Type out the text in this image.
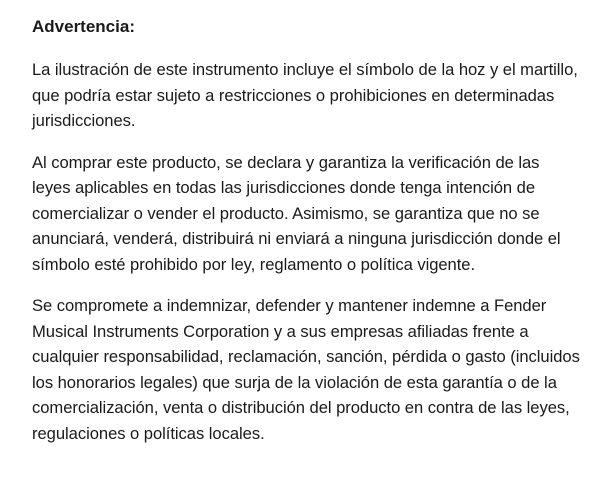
Advertencia:

La ilustración de este instrumento incluye el símbolo de la hoz y el martillo, que podría estar sujeto a restricciones o prohibiciones en determinadas jurisdicciones.

Al comprar este producto, se declara y garantiza la verificación de las leyes aplicables en todas las jurisdicciones donde tenga intención de comercializar o vender el producto. Asimismo, se garantiza que no se anunciará, venderá, distribuirá ni enviará a ninguna jurisdicción donde el símbolo esté prohibido por ley, reglamento o política vigente.

Se compromete a indemnizar, defender y mantener indemne a Fender Musical Instruments Corporation y a sus empresas afiliadas frente a cualquier responsabilidad, reclamación, sanción, pérdida o gasto (incluidos los honorarios legales) que surja de la violación de esta garantía o de la comercialización, venta o distribución del producto en contra de las leyes, regulaciones o políticas locales.
